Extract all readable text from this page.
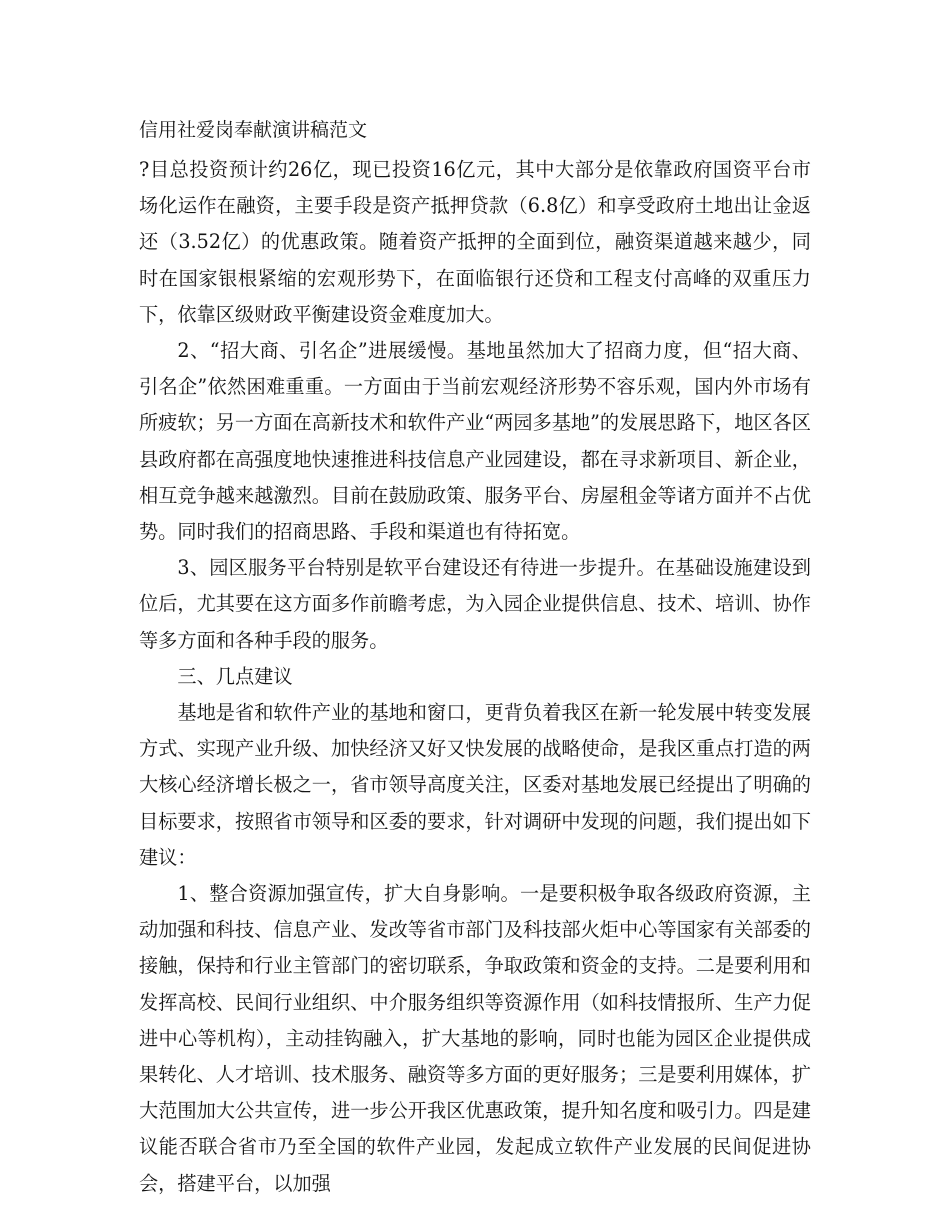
信用社爱岗奉献演讲稿范文

?目总投资预计约26亿，现已投资16亿元，其中大部分是依靠政府国资平台市场化运作在融资，主要手段是资产抵押贷款（6.8亿）和享受政府土地出让金返还（3.52亿）的优惠政策。随着资产抵押的全面到位，融资渠道越来越少，同时在国家银根紧缩的宏观形势下，在面临银行还贷和工程支付高峰的双重压力下，依靠区级财政平衡建设资金难度加大。

2、“招大商、引名企”进展缓慢。基地虽然加大了招商力度，但“招大商、引名企”依然困难重重。一方面由于当前宏观经济形势不容乐观，国内外市场有所疲软；另一方面在高新技术和软件产业“两园多基地”的发展思路下，地区各区县政府都在高强度地快速推进科技信息产业园建设，都在寻求新项目、新企业，相互竞争越来越激烈。目前在鼓励政策、服务平台、房屋租金等诸方面并不占优势。同时我们的招商思路、手段和渠道也有待拓宽。

3、园区服务平台特别是软平台建设还有待进一步提升。在基础设施建设到位后，尤其要在这方面多作前瞻考虑，为入园企业提供信息、技术、培训、协作等多方面和各种手段的服务。

三、几点建议

基地是省和软件产业的基地和窗口，更背负着我区在新一轮发展中转变发展方式、实现产业升级、加快经济又好又快发展的战略使命，是我区重点打造的两大核心经济增长极之一，省市领导高度关注，区委对基地发展已经提出了明确的目标要求，按照省市领导和区委的要求，针对调研中发现的问题，我们提出如下建议：

1、整合资源加强宣传，扩大自身影响。一是要积极争取各级政府资源，主动加强和科技、信息产业、发改等省市部门及科技部火炬中心等国家有关部委的接触，保持和行业主管部门的密切联系，争取政策和资金的支持。二是要利用和发挥高校、民间行业组织、中介服务组织等资源作用（如科技情报所、生产力促进中心等机构），主动挂钩融入，扩大基地的影响，同时也能为园区企业提供成果转化、人才培训、技术服务、融资等多方面的更好服务；三是要利用媒体，扩大范围加大公共宣传，进一步公开我区优惠政策，提升知名度和吸引力。四是建议能否联合省市乃至全国的软件产业园，发起成立软件产业发展的民间促进协会，搭建平台，以加强
